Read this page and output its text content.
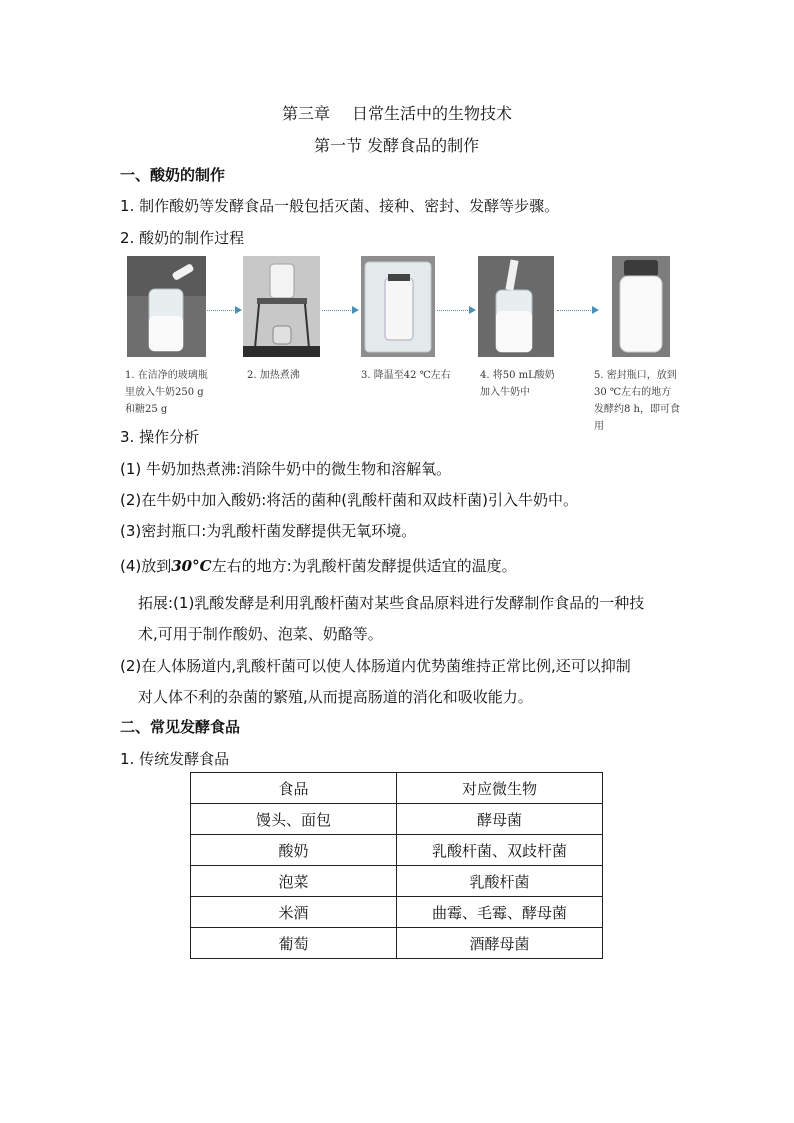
第三章 日常生活中的生物技术
第一节 发酵食品的制作
一、酸奶的制作
1. 制作酸奶等发酵食品一般包括灭菌、接种、密封、发酵等步骤。
2. 酸奶的制作过程
1. 在洁净的玻璃瓶里放入牛奶250 g和糖25 g
2. 加热煮沸	3. 降温至42 ℃左右	4. 将50 mL酸奶加入牛奶中
5. 密封瓶口，放到30 ℃左右的地方发酵约8 h，即可食用
3. 操作分析
(1) 牛奶加热煮沸:消除牛奶中的微生物和溶解氧。
(2)在牛奶中加入酸奶:将活的菌种(乳酸杆菌和双歧杆菌)引入牛奶中。
(3)密封瓶口:为乳酸杆菌发酵提供无氧环境。
(4)放到30°C左右的地方:为乳酸杆菌发酵提供适宜的温度。
拓展:(1)乳酸发酵是利用乳酸杆菌对某些食品原料进行发酵制作食品的一种技
术,可用于制作酸奶、泡菜、奶酪等。
(2)在人体肠道内,乳酸杆菌可以使人体肠道内优势菌维持正常比例,还可以抑制
对人体不利的杂菌的繁殖,从而提高肠道的消化和吸收能力。
二、常见发酵食品
1. 传统发酵食品
食品	对应微生物
馒头、面包	酵母菌
酸奶	乳酸杆菌、双歧杆菌
泡菜	乳酸杆菌
米酒	曲霉、毛霉、酵母菌
葡萄	酒酵母菌
